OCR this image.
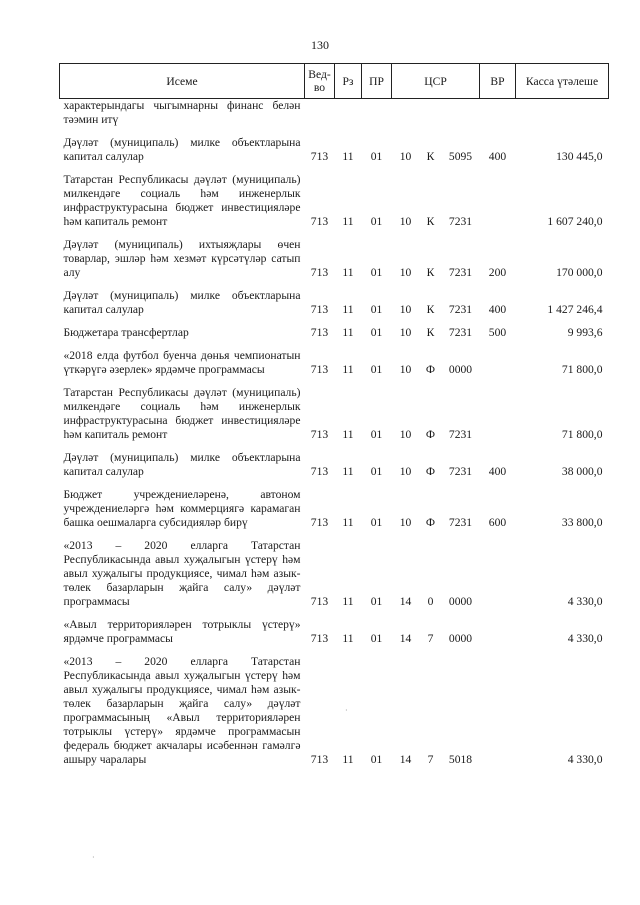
130
Исеме	Вед-во	Рз	ПР	ЦСР			ВР	Касса үтәлеше
характерындагы чыгымнарны финанс белән тәэмин итү								

Дәүләт (муниципаль) милке объектларына капитал салулар	713	11	01	10	К	5095	400	130 445,0

Татарстан Республикасы дәүләт (муниципаль) милкендәге социаль һәм инженерлык инфраструктурасына бюджет инвестицияләре һәм капиталь ремонт	713	11	01	10	К	7231		1 607 240,0

Дәүләт (муниципаль) ихтыяҗлары өчен товарлар, эшләр һәм хезмәт күрсәтүләр сатып алу	713	11	01	10	К	7231	200	170 000,0

Дәүләт (муниципаль) милке объектларына капитал салулар	713	11	01	10	К	7231	400	1 427 246,4

Бюджетара трансфертлар	713	11	01	10	К	7231	500	9 993,6

«2018 елда футбол буенча дөнья чемпионатын үткәрүгә әзерлек» ярдәмче программасы	713	11	01	10	Ф	0000		71 800,0

Татарстан Республикасы дәүләт (муниципаль) милкендәге социаль һәм инженерлык инфраструктурасына бюджет инвестицияләре һәм капиталь ремонт	713	11	01	10	Ф	7231		71 800,0

Дәүләт (муниципаль) милке объектларына капитал салулар	713	11	01	10	Ф	7231	400	38 000,0

Бюджет учреждениеләренә, автоном учреждениеләргә һәм коммерциягә карамаган башка оешмаларга субсидияләр бирү	713	11	01	10	Ф	7231	600	33 800,0

«2013 – 2020 елларга Татарстан Республикасында авыл хуҗалыгын үстерү һәм авыл хуҗалыгы продукциясе, чимал һәм азык-төлек базарларын җайга салу» дәүләт программасы	713	11	01	14	0	0000		4 330,0

«Авыл территорияләрен тотрыклы үстерү» ярдәмче программасы	713	11	01	14	7	0000		4 330,0

«2013 – 2020 елларга Татарстан Республикасында авыл хуҗалыгын үстерү һәм авыл хуҗалыгы продукциясе, чимал һәм азык-төлек базарларын җайга салу» дәүләт программасының «Авыл территорияләрен тотрыклы үстерү» ярдәмче программасын федераль бюджет акчалары исәбеннән гамәлгә ашыру чаралары	713	11	01	14	7	5018		4 330,0
·
·
